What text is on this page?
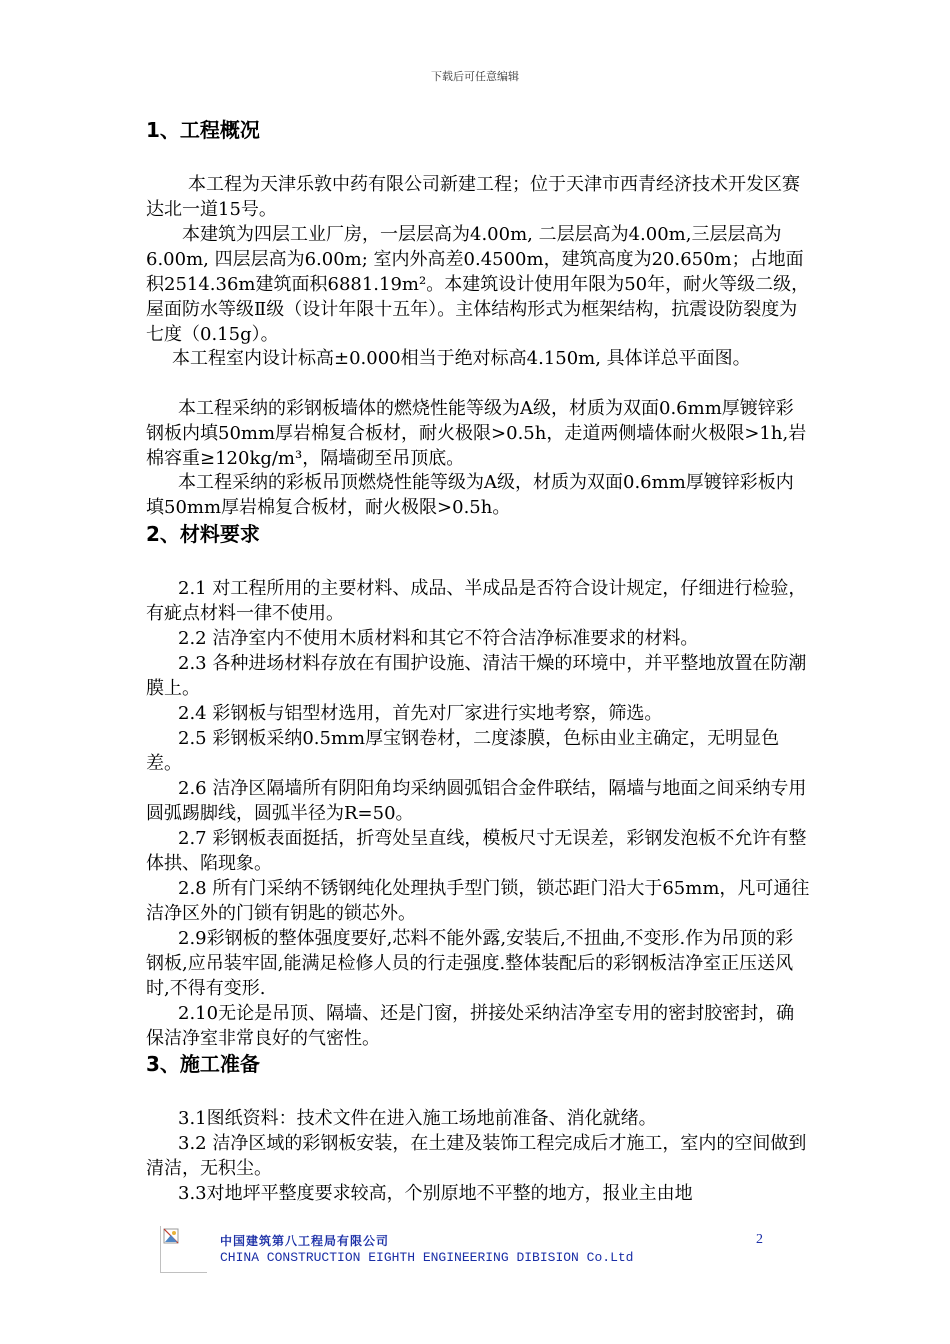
下载后可任意编辑
1、工程概况

本工程为天津乐敦中药有限公司新建工程；位于天津市西青经济技术开发区赛达北一道15号。

本建筑为四层工业厂房，一层层高为4.00m, 二层层高为4.00m,三层层高为6.00m, 四层层高为6.00m; 室内外高差0.4500m，建筑高度为20.650m；占地面积2514.36m建筑面积6881.19m²。本建筑设计使用年限为50年，耐火等级二级，屋面防水等级Ⅱ级（设计年限十五年）。主体结构形式为框架结构，抗震设防裂度为七度（0.15g）。

本工程室内设计标高±0.000相当于绝对标高4.150m, 具体详总平面图。

本工程采纳的彩钢板墙体的燃烧性能等级为A级，材质为双面0.6mm厚镀锌彩钢板内填50mm厚岩棉复合板材，耐火极限>0.5h，走道两侧墙体耐火极限>1h,岩棉容重≥120kg/m³，隔墙砌至吊顶底。

本工程采纳的彩板吊顶燃烧性能等级为A级，材质为双面0.6mm厚镀锌彩板内填50mm厚岩棉复合板材，耐火极限>0.5h。

2、材料要求

2.1 对工程所用的主要材料、成品、半成品是否符合设计规定，仔细进行检验，有疵点材料一律不使用。

2.2 洁净室内不使用木质材料和其它不符合洁净标准要求的材料。

2.3 各种进场材料存放在有围护设施、清洁干燥的环境中，并平整地放置在防潮膜上。

2.4 彩钢板与铝型材选用，首先对厂家进行实地考察，筛选。

2.5 彩钢板采纳0.5mm厚宝钢卷材，二度漆膜，色标由业主确定，无明显色差。

2.6 洁净区隔墙所有阴阳角均采纳圆弧铝合金件联结，隔墙与地面之间采纳专用圆弧踢脚线，圆弧半径为R=50。

2.7 彩钢板表面挺括，折弯处呈直线，模板尺寸无误差，彩钢发泡板不允许有整体拱、陷现象。

2.8 所有门采纳不锈钢纯化处理执手型门锁，锁芯距门沿大于65mm，凡可通往洁净区外的门锁有钥匙的锁芯外。

2.9彩钢板的整体强度要好,芯料不能外露,安装后,不扭曲,不变形.作为吊顶的彩钢板,应吊装牢固,能满足检修人员的行走强度.整体装配后的彩钢板洁净室正压送风时,不得有变形.

2.10无论是吊顶、隔墙、还是门窗，拼接处采纳洁净室专用的密封胶密封，确保洁净室非常良好的气密性。

3、施工准备

3.1图纸资料：技术文件在进入施工场地前准备、消化就绪。

3.2 洁净区域的彩钢板安装，在土建及装饰工程完成后才施工，室内的空间做到清洁，无积尘。

3.3对地坪平整度要求较高，个别原地不平整的地方，报业主由地

中国建筑第八工程局有限公司
CHINA CONSTRUCTION EIGHTH ENGINEERING DIBISION Co.Ltd
2
